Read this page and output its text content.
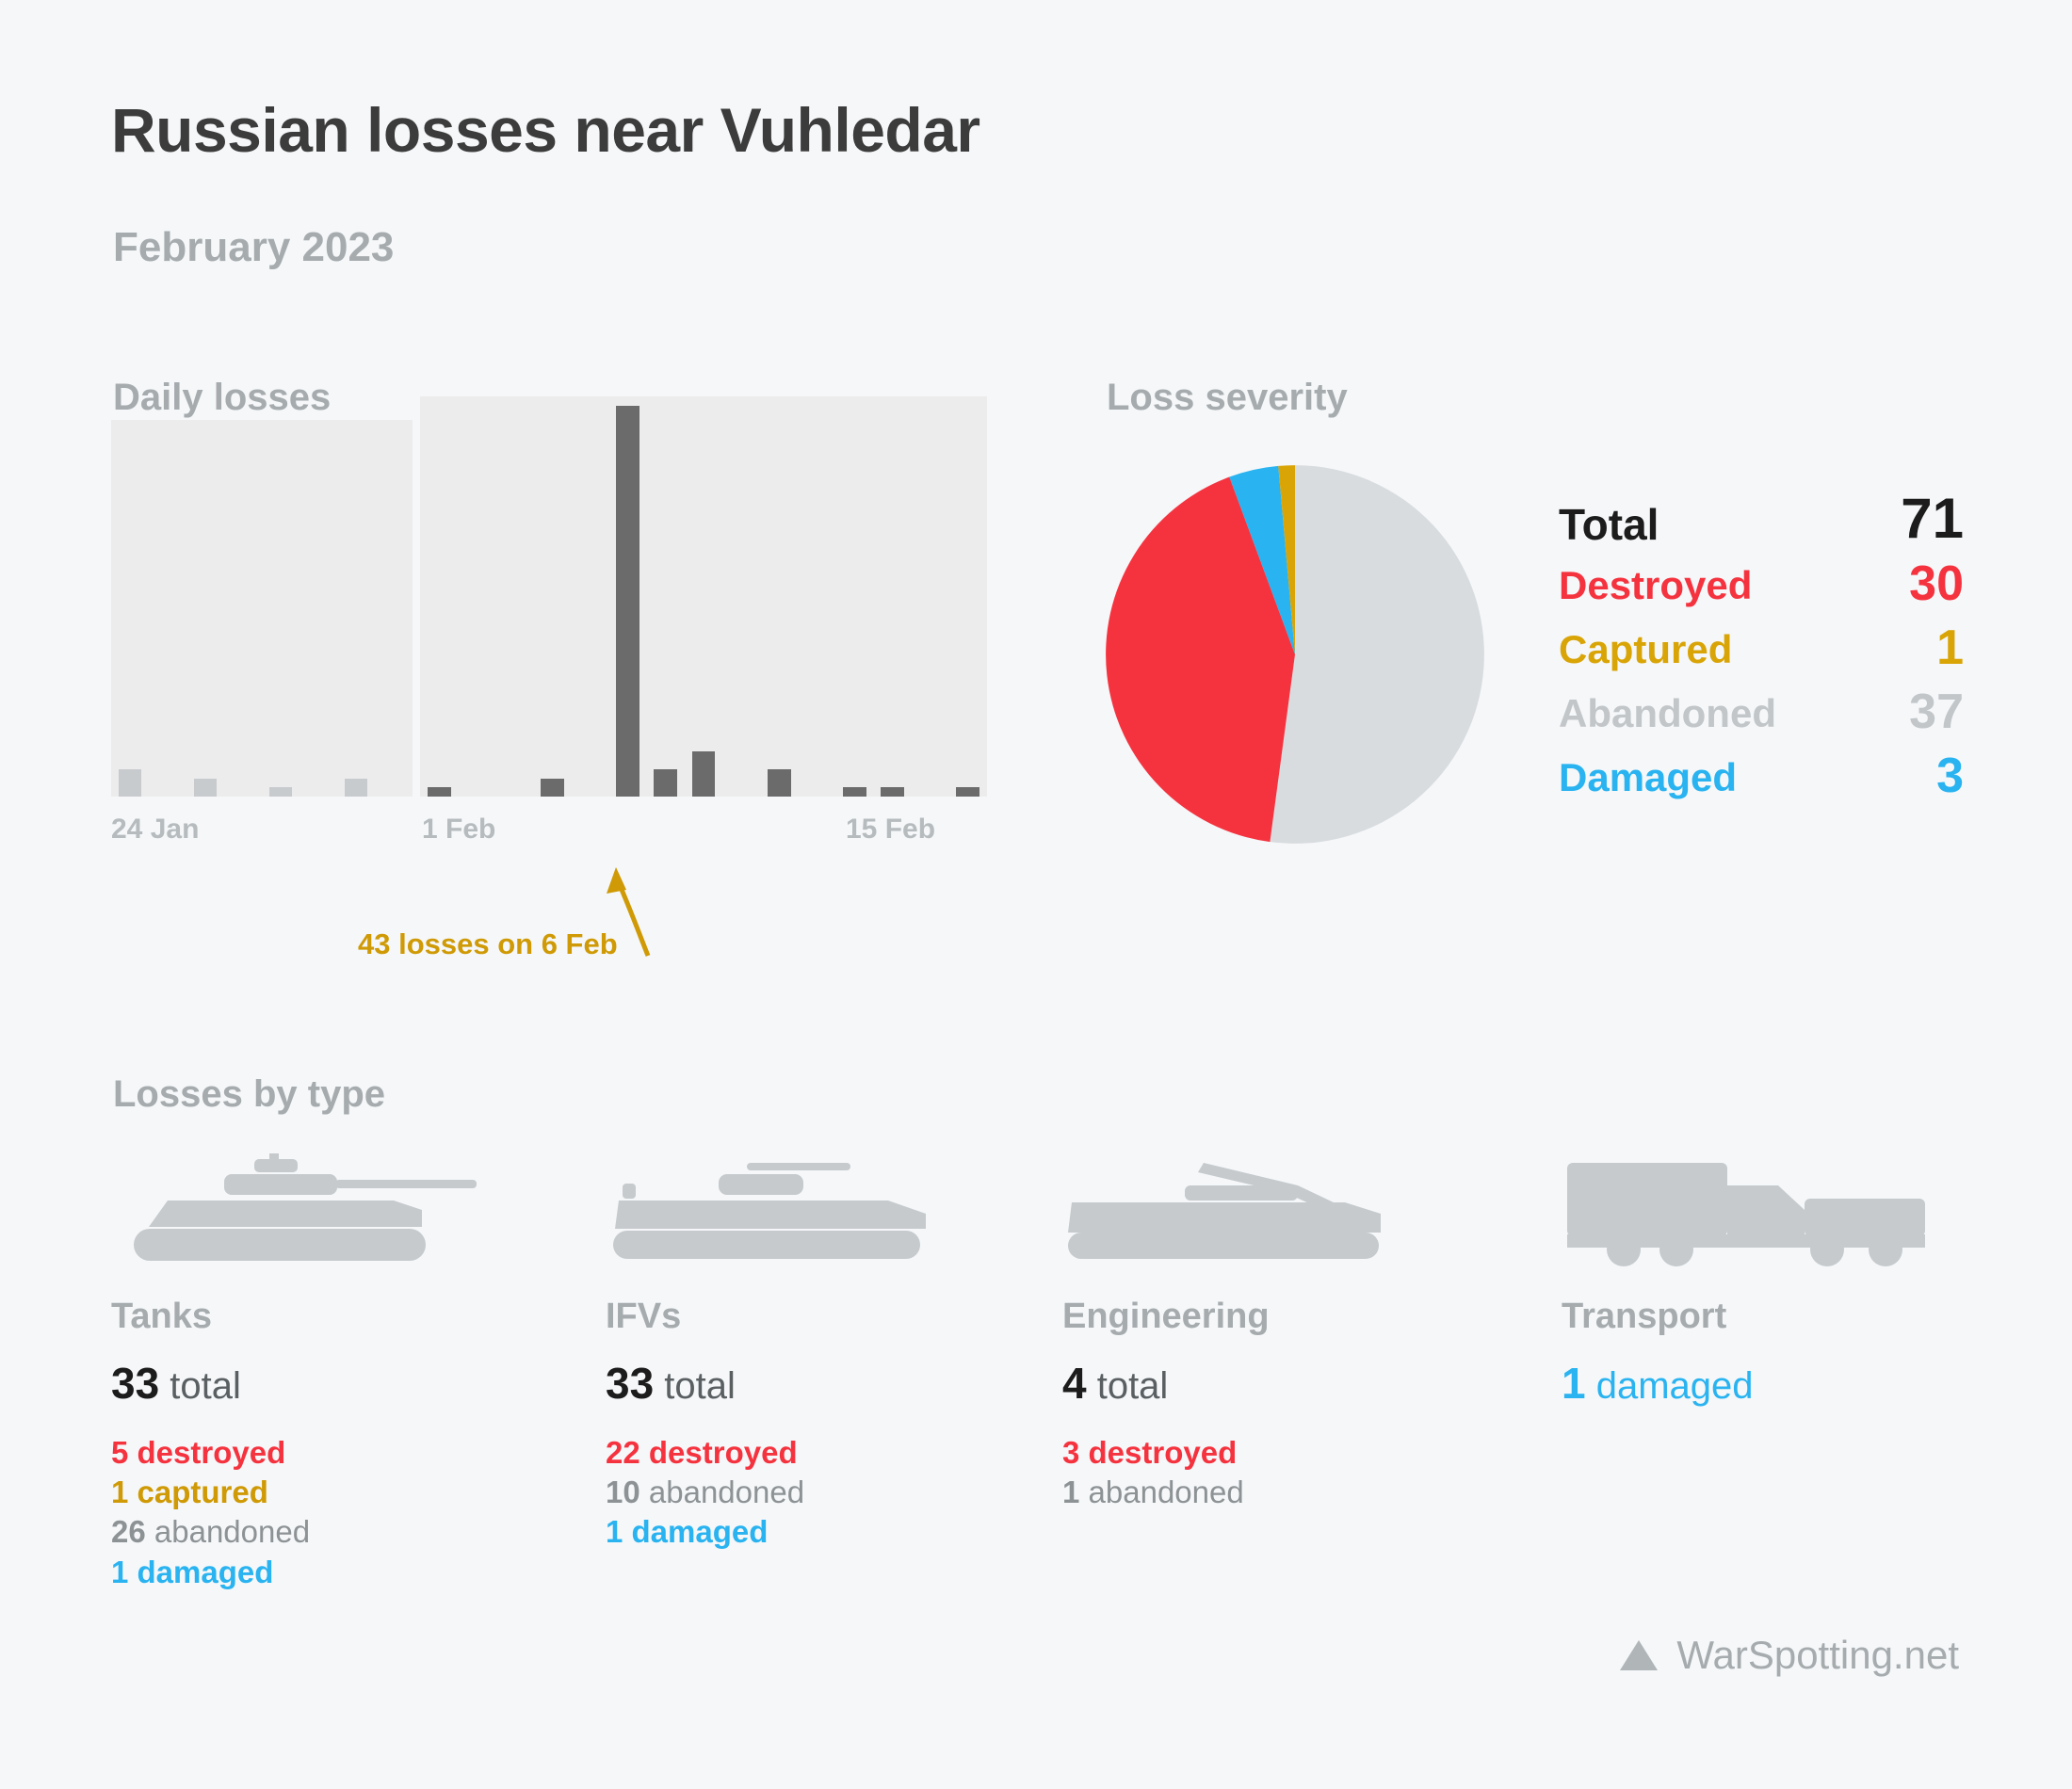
Russian losses near Vuhledar
February 2023
Daily losses	Loss severity
Losses by type
24 Jan	1 Feb	15 Feb
43 losses on 6 Feb
Total	71
Destroyed	30
Captured	1
Abandoned	37
Damaged	3
Tanks
33 total
5 destroyed
1 captured
26 abandoned
1 damaged
IFVs
33 total
22 destroyed
10 abandoned
1 damaged
Engineering
4 total
3 destroyed
1 abandoned
Transport
1 damaged
WarSpotting.net
